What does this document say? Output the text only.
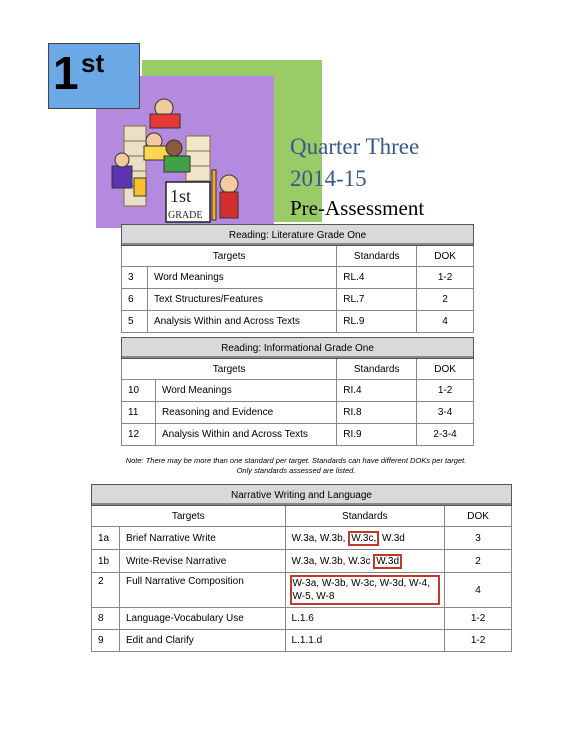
1 st
1st
GRADE
Quarter Three
2014-15
Pre-Assessment
Reading: Literature Grade One			
Targets		Standards	DOK
3	Word Meanings	RL.4	1-2
6	Text Structures/Features	RL.7	2
5	Analysis Within and Across Texts	RL.9	4
Reading: Informational Grade One			
Targets		Standards	DOK
10	Word Meanings	RI.4	1-2
11	Reasoning and Evidence	RI.8	3-4
12	Analysis Within and Across Texts	RI.9	2-3-4
Note: There may be more than one standard per target. Standards can have different DOKs per target.
Only standards assessed are listed.
Narrative Writing and Language			
Targets		Standards	DOK
1a	Brief Narrative Write	W.3a, W.3b, W.3c, W.3d	3
1b	Write-Revise Narrative	W.3a, W.3b, W.3c W.3d	2
2	Full Narrative Composition	W-3a, W-3b, W-3c, W-3d, W-4, W-5, W-8	4
8	Language-Vocabulary Use	L.1.6	1-2
9	Edit and Clarify	L.1.1.d	1-2
